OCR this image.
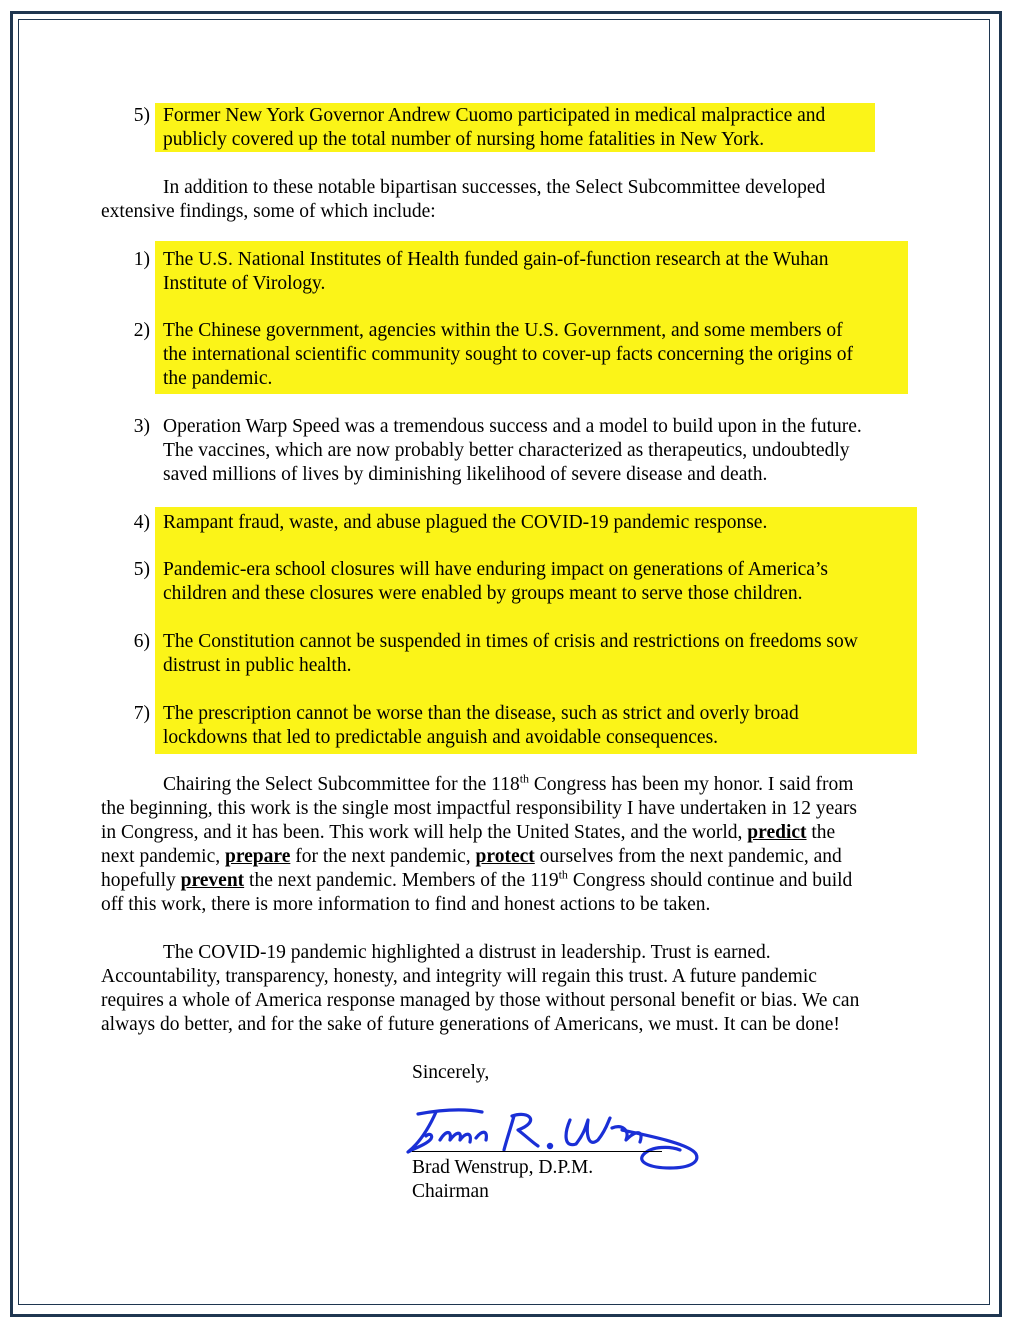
5) Former New York Governor Andrew Cuomo participated in medical malpractice and
publicly covered up the total number of nursing home fatalities in New York.
In addition to these notable bipartisan successes, the Select Subcommittee developed
extensive findings, some of which include:
1) The U.S. National Institutes of Health funded gain-of-function research at the Wuhan
Institute of Virology.
2) The Chinese government, agencies within the U.S. Government, and some members of
the international scientific community sought to cover-up facts concerning the origins of
the pandemic.
3) Operation Warp Speed was a tremendous success and a model to build upon in the future.
The vaccines, which are now probably better characterized as therapeutics, undoubtedly
saved millions of lives by diminishing likelihood of severe disease and death.
4) Rampant fraud, waste, and abuse plagued the COVID-19 pandemic response.
5) Pandemic-era school closures will have enduring impact on generations of America’s
children and these closures were enabled by groups meant to serve those children.
6) The Constitution cannot be suspended in times of crisis and restrictions on freedoms sow
distrust in public health.
7) The prescription cannot be worse than the disease, such as strict and overly broad
lockdowns that led to predictable anguish and avoidable consequences.
Chairing the Select Subcommittee for the 118th Congress has been my honor. I said from
the beginning, this work is the single most impactful responsibility I have undertaken in 12 years
in Congress, and it has been. This work will help the United States, and the world, predict the
next pandemic, prepare for the next pandemic, protect ourselves from the next pandemic, and
hopefully prevent the next pandemic. Members of the 119th Congress should continue and build
off this work, there is more information to find and honest actions to be taken.
The COVID-19 pandemic highlighted a distrust in leadership. Trust is earned.
Accountability, transparency, honesty, and integrity will regain this trust. A future pandemic
requires a whole of America response managed by those without personal benefit or bias. We can
always do better, and for the sake of future generations of Americans, we must. It can be done!
Sincerely,
Brad Wenstrup, D.P.M.
Chairman
